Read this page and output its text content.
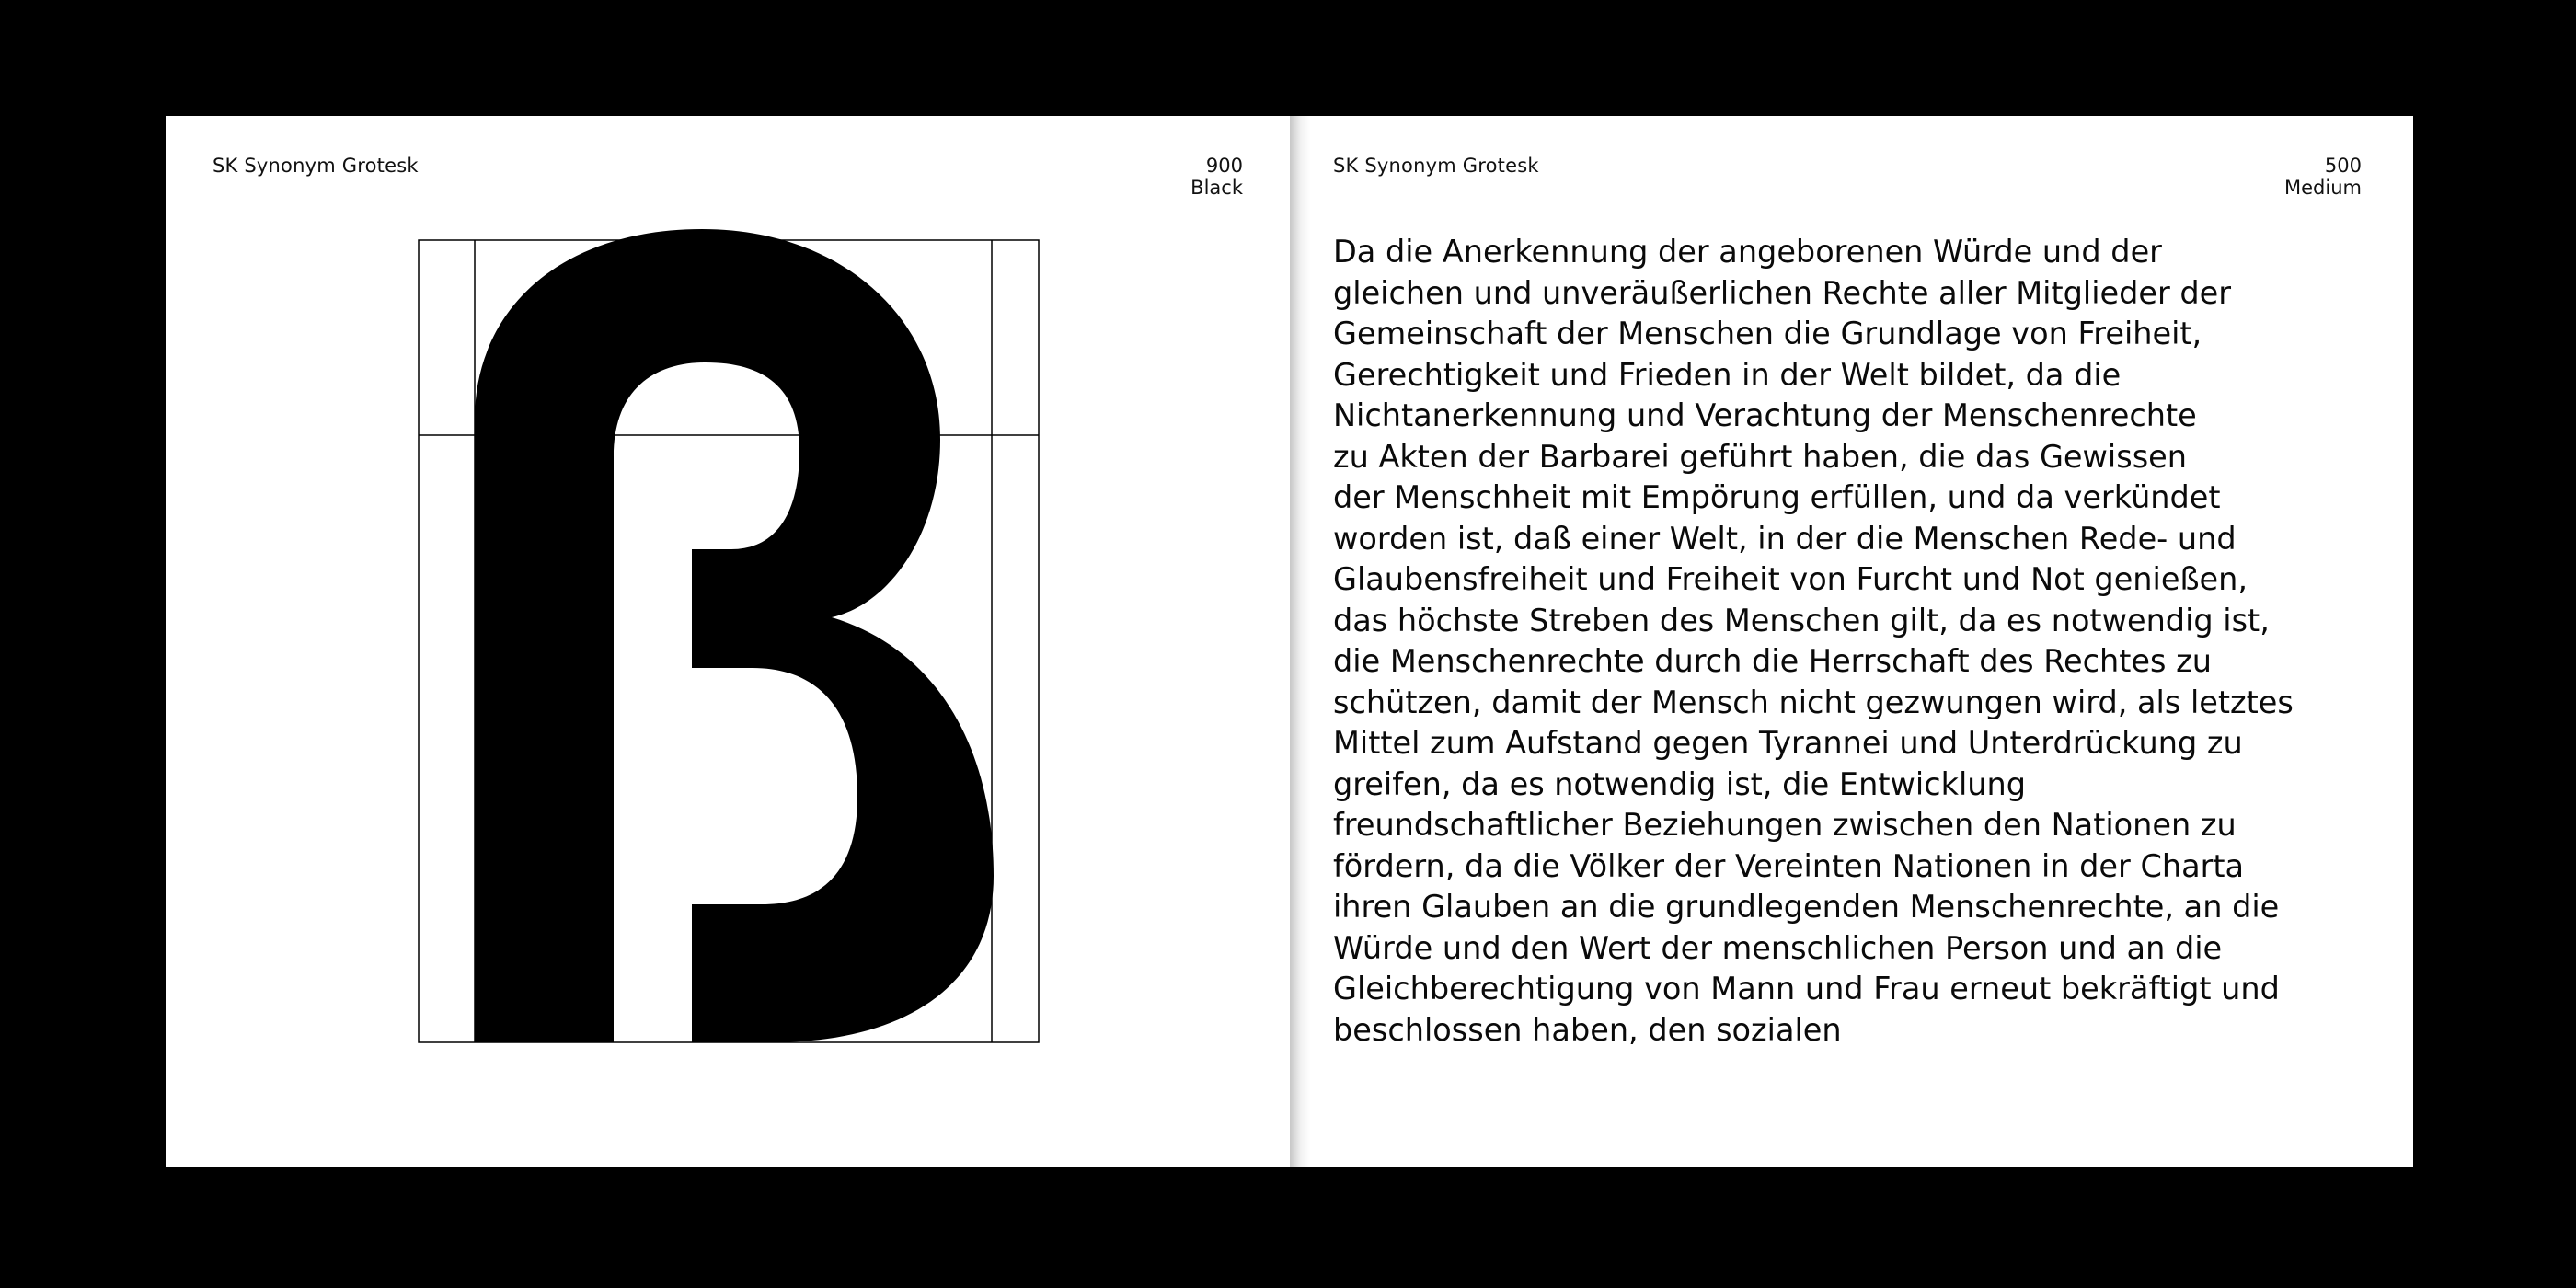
SK Synonym Grotesk	900
Black
SK Synonym Grotesk	500
Medium

Da die Anerkennung der angeborenen Würde und der
gleichen und unveräußerlichen Rechte aller Mitglieder der
Gemeinschaft der Menschen die Grundlage von Freiheit,
Gerechtigkeit und Frieden in der Welt bildet, da die
Nichtanerkennung und Verachtung der Menschenrechte
zu Akten der Barbarei geführt haben, die das Gewissen
der Menschheit mit Empörung erfüllen, und da verkündet
worden ist, daß einer Welt, in der die Menschen Rede- und
Glaubensfreiheit und Freiheit von Furcht und Not genießen,
das höchste Streben des Menschen gilt, da es notwendig ist,
die Menschenrechte durch die Herrschaft des Rechtes zu
schützen, damit der Mensch nicht gezwungen wird, als letztes
Mittel zum Aufstand gegen Tyrannei und Unterdrückung zu
greifen, da es notwendig ist, die Entwicklung
freundschaftlicher Beziehungen zwischen den Nationen zu
fördern, da die Völker der Vereinten Nationen in der Charta
ihren Glauben an die grundlegenden Menschenrechte, an die
Würde und den Wert der menschlichen Person und an die
Gleichberechtigung von Mann und Frau erneut bekräftigt und
beschlossen haben, den sozialen
